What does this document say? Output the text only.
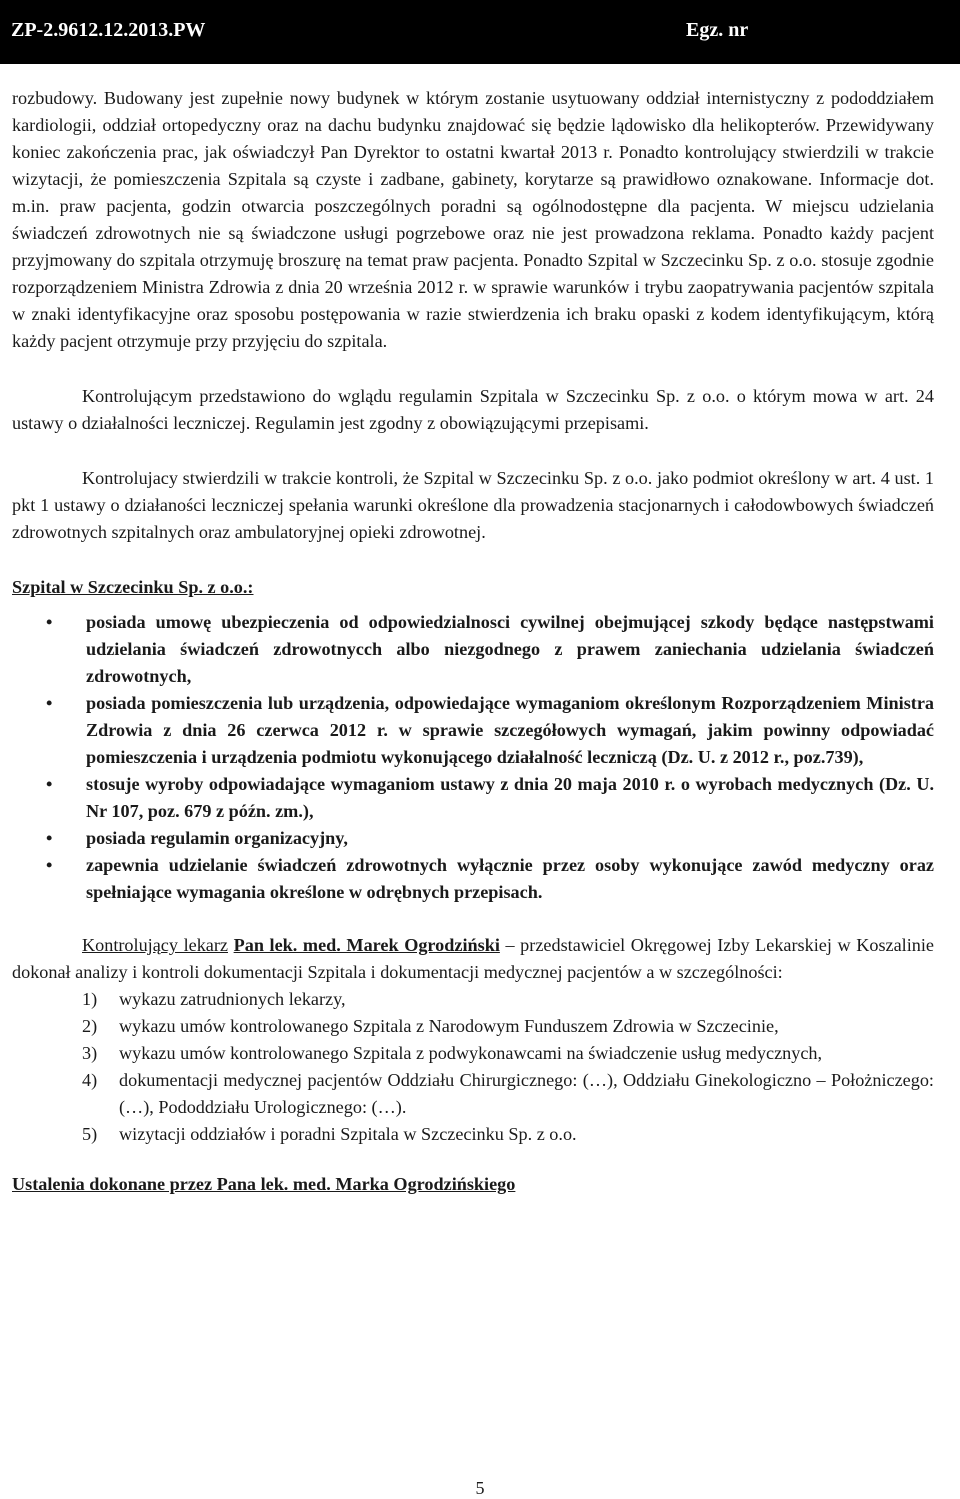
ZP-2.9612.12.2013.PW	Egz. nr

rozbudowy. Budowany jest zupełnie nowy budynek w którym zostanie usytuowany oddział internistyczny z pododdziałem kardiologii, oddział ortopedyczny oraz na dachu budynku znajdować się będzie lądowisko dla helikopterów. Przewidywany koniec zakończenia prac, jak oświadczył Pan Dyrektor to ostatni kwartał 2013 r. Ponadto kontrolujący stwierdzili w trakcie wizytacji, że pomieszczenia Szpitala są czyste i zadbane, gabinety, korytarze są prawidłowo oznakowane. Informacje dot. m.in. praw pacjenta, godzin otwarcia poszczególnych poradni są ogólnodostępne dla pacjenta. W miejscu udzielania świadczeń zdrowotnych nie są świadczone usługi pogrzebowe oraz nie jest prowadzona reklama. Ponadto każdy pacjent przyjmowany do szpitala otrzymuję broszurę na temat praw pacjenta. Ponadto Szpital w Szczecinku Sp. z o.o. stosuje zgodnie rozporządzeniem Ministra Zdrowia z dnia 20 września 2012 r. w sprawie warunków i trybu zaopatrywania pacjentów szpitala w znaki identyfikacyjne oraz sposobu postępowania w razie stwierdzenia ich braku opaski z kodem identyfikującym, którą każdy pacjent otrzymuje przy przyjęciu do szpitala.

Kontrolującym przedstawiono do wglądu regulamin Szpitala w Szczecinku Sp. z o.o. o którym mowa w art. 24 ustawy o działalności leczniczej. Regulamin jest zgodny z obowiązującymi przepisami.

Kontrolujacy stwierdzili w trakcie kontroli, że Szpital w Szczecinku Sp. z o.o. jako podmiot określony w art. 4 ust. 1 pkt 1 ustawy o działaności leczniczej spełania warunki określone dla prowadzenia stacjonarnych i całodowbowych świadczeń zdrowotnych szpitalnych oraz ambulatoryjnej opieki zdrowotnej.

Szpital w Szczecinku Sp. z o.o.:

• posiada umowę ubezpieczenia od odpowiedzialnosci cywilnej obejmującej szkody będące następstwami udzielania świadczeń zdrowotnycch albo niezgodnego z prawem zaniechania udzielania świadczeń zdrowotnych,
• posiada pomieszczenia lub urządzenia, odpowiedające wymaganiom określonym Rozporządzeniem Ministra Zdrowia z dnia 26 czerwca 2012 r. w sprawie szczegółowych wymagań, jakim powinny odpowiadać pomieszczenia i urządzenia podmiotu wykonującego działalność leczniczą (Dz. U. z 2012 r., poz.739),
• stosuje wyroby odpowiadające wymaganiom ustawy z dnia 20 maja 2010 r. o wyrobach medycznych (Dz. U. Nr 107, poz. 679 z późn. zm.),
• posiada regulamin organizacyjny,
• zapewnia udzielanie świadczeń zdrowotnych wyłącznie przez osoby wykonujące zawód medyczny oraz spełniające wymagania określone w odrębnych przepisach.

Kontrolujący lekarz Pan lek. med. Marek Ogrodziński – przedstawiciel Okręgowej Izby Lekarskiej w Koszalinie dokonał analizy i kontroli dokumentacji Szpitala i dokumentacji medycznej pacjentów a w szczególności:

1) wykazu zatrudnionych lekarzy,
2) wykazu umów kontrolowanego Szpitala z Narodowym Funduszem Zdrowia w Szczecinie,
3) wykazu umów kontrolowanego Szpitala z podwykonawcami na świadczenie usług medycznych,
4) dokumentacji medycznej pacjentów Oddziału Chirurgicznego: (…), Oddziału Ginekologiczno – Położniczego: (…), Pododdziału Urologicznego: (…).
5) wizytacji oddziałów i poradni Szpitala w Szczecinku Sp. z o.o.

Ustalenia dokonane przez Pana lek. med. Marka Ogrodzińskiego

5
